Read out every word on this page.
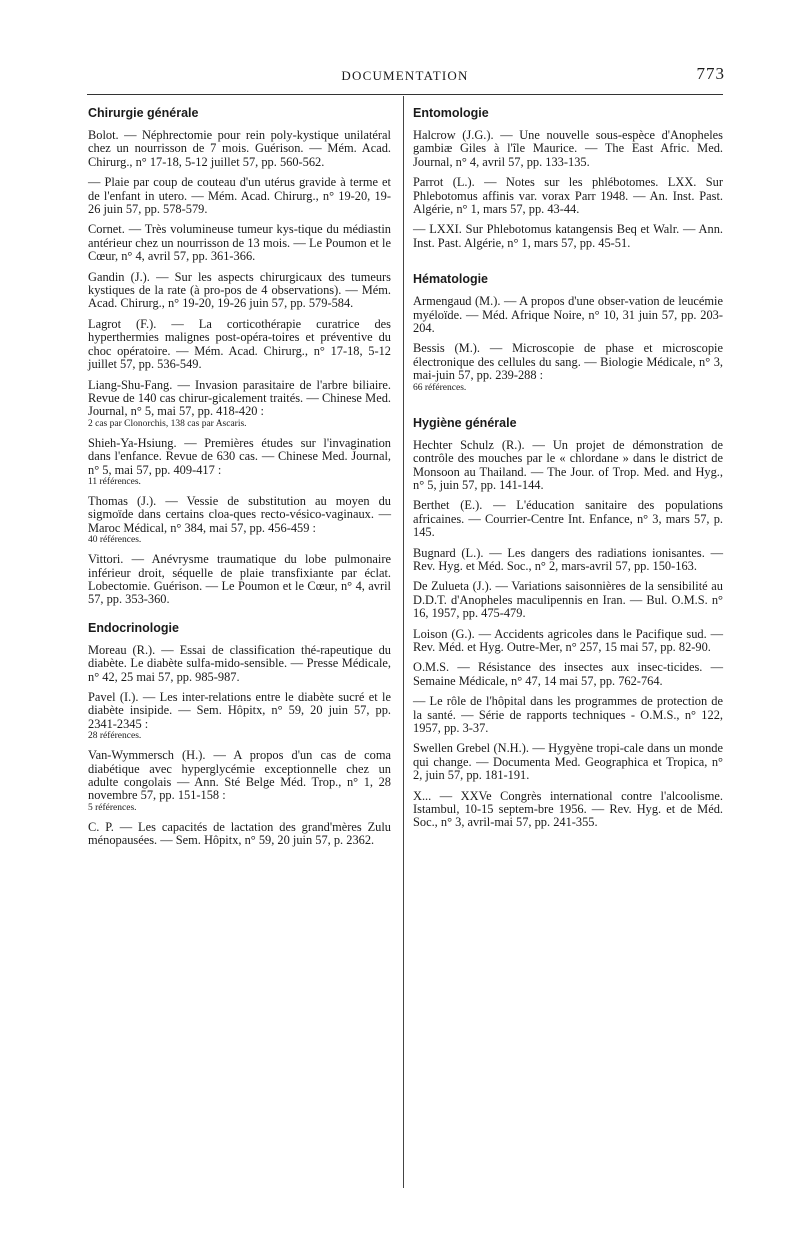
DOCUMENTATION	773
Chirurgie générale

Bolot. — Néphrectomie pour rein poly-kystique unilatéral chez un nourrisson de 7 mois. Guérison. — Mém. Acad. Chirurg., n° 17-18, 5-12 juillet 57, pp. 560-562.

— Plaie par coup de couteau d'un utérus gravide à terme et de l'enfant in utero. — Mém. Acad. Chirurg., n° 19-20, 19-26 juin 57, pp. 578-579.

Cornet. — Très volumineuse tumeur kys-tique du médiastin antérieur chez un nourrisson de 13 mois. — Le Poumon et le Cœur, n° 4, avril 57, pp. 361-366.

Gandin (J.). — Sur les aspects chirurgicaux des tumeurs kystiques de la rate (à pro-pos de 4 observations). — Mém. Acad. Chirurg., n° 19-20, 19-26 juin 57, pp. 579-584.

Lagrot (F.). — La corticothérapie curatrice des hyperthermies malignes post-opéra-toires et préventive du choc opératoire. — Mém. Acad. Chirurg., n° 17-18, 5-12 juillet 57, pp. 536-549.

Liang-Shu-Fang. — Invasion parasitaire de l'arbre biliaire. Revue de 140 cas chirur-gicalement traités. — Chinese Med. Journal, n° 5, mai 57, pp. 418-420 :
2 cas par Clonorchis, 138 cas par Ascaris.

Shieh-Ya-Hsiung. — Premières études sur l'invagination dans l'enfance. Revue de 630 cas. — Chinese Med. Journal, n° 5, mai 57, pp. 409-417 :
11 références.

Thomas (J.). — Vessie de substitution au moyen du sigmoïde dans certains cloa-ques recto-vésico-vaginaux. — Maroc Médical, n° 384, mai 57, pp. 456-459 :
40 références.

Vittori. — Anévrysme traumatique du lobe pulmonaire inférieur droit, séquelle de plaie transfixiante par éclat. Lobectomie. Guérison. — Le Poumon et le Cœur, n° 4, avril 57, pp. 353-360.

Endocrinologie

Moreau (R.). — Essai de classification thé-rapeutique du diabète. Le diabète sulfa-mido-sensible. — Presse Médicale, n° 42, 25 mai 57, pp. 985-987.

Pavel (I.). — Les inter-relations entre le diabète sucré et le diabète insipide. — Sem. Hôpitx, n° 59, 20 juin 57, pp. 2341-2345 :
28 références.

Van-Wymmersch (H.). — A propos d'un cas de coma diabétique avec hyperglycémie exceptionnelle chez un adulte congolais — Ann. Sté Belge Méd. Trop., n° 1, 28 novembre 57, pp. 151-158 :
5 références.

C. P. — Les capacités de lactation des grand'mères Zulu ménopausées. — Sem. Hôpitx, n° 59, 20 juin 57, p. 2362.

Entomologie

Halcrow (J.G.). — Une nouvelle sous-espèce d'Anopheles gambiæ Giles à l'île Maurice. — The East Afric. Med. Journal, n° 4, avril 57, pp. 133-135.

Parrot (L.). — Notes sur les phlébotomes. LXX. Sur Phlebotomus affinis var. vorax Parr 1948. — An. Inst. Past. Algérie, n° 1, mars 57, pp. 43-44.

— LXXI. Sur Phlebotomus katangensis Beq et Walr. — Ann. Inst. Past. Algérie, n° 1, mars 57, pp. 45-51.

Hématologie

Armengaud (M.). — A propos d'une obser-vation de leucémie myéloïde. — Méd. Afrique Noire, n° 10, 31 juin 57, pp. 203-204.

Bessis (M.). — Microscopie de phase et microscopie électronique des cellules du sang. — Biologie Médicale, n° 3, mai-juin 57, pp. 239-288 :
66 références.

Hygiène générale

Hechter Schulz (R.). — Un projet de démonstration de contrôle des mouches par le « chlordane » dans le district de Monsoon au Thailand. — The Jour. of Trop. Med. and Hyg., n° 5, juin 57, pp. 141-144.

Berthet (E.). — L'éducation sanitaire des populations africaines. — Courrier-Centre Int. Enfance, n° 3, mars 57, p. 145.

Bugnard (L.). — Les dangers des radiations ionisantes. — Rev. Hyg. et Méd. Soc., n° 2, mars-avril 57, pp. 150-163.

De Zulueta (J.). — Variations saisonnières de la sensibilité au D.D.T. d'Anopheles maculipennis en Iran. — Bul. O.M.S. n° 16, 1957, pp. 475-479.

Loison (G.). — Accidents agricoles dans le Pacifique sud. — Rev. Méd. et Hyg. Outre-Mer, n° 257, 15 mai 57, pp. 82-90.

O.M.S. — Résistance des insectes aux insec-ticides. — Semaine Médicale, n° 47, 14 mai 57, pp. 762-764.

— Le rôle de l'hôpital dans les programmes de protection de la santé. — Série de rapports techniques - O.M.S., n° 122, 1957, pp. 3-37.

Swellen Grebel (N.H.). — Hygyène tropi-cale dans un monde qui change. — Documenta Med. Geographica et Tropica, n° 2, juin 57, pp. 181-191.

X... — XXVe Congrès international contre l'alcoolisme. Istambul, 10-15 septem-bre 1956. — Rev. Hyg. et de Méd. Soc., n° 3, avril-mai 57, pp. 241-355.
